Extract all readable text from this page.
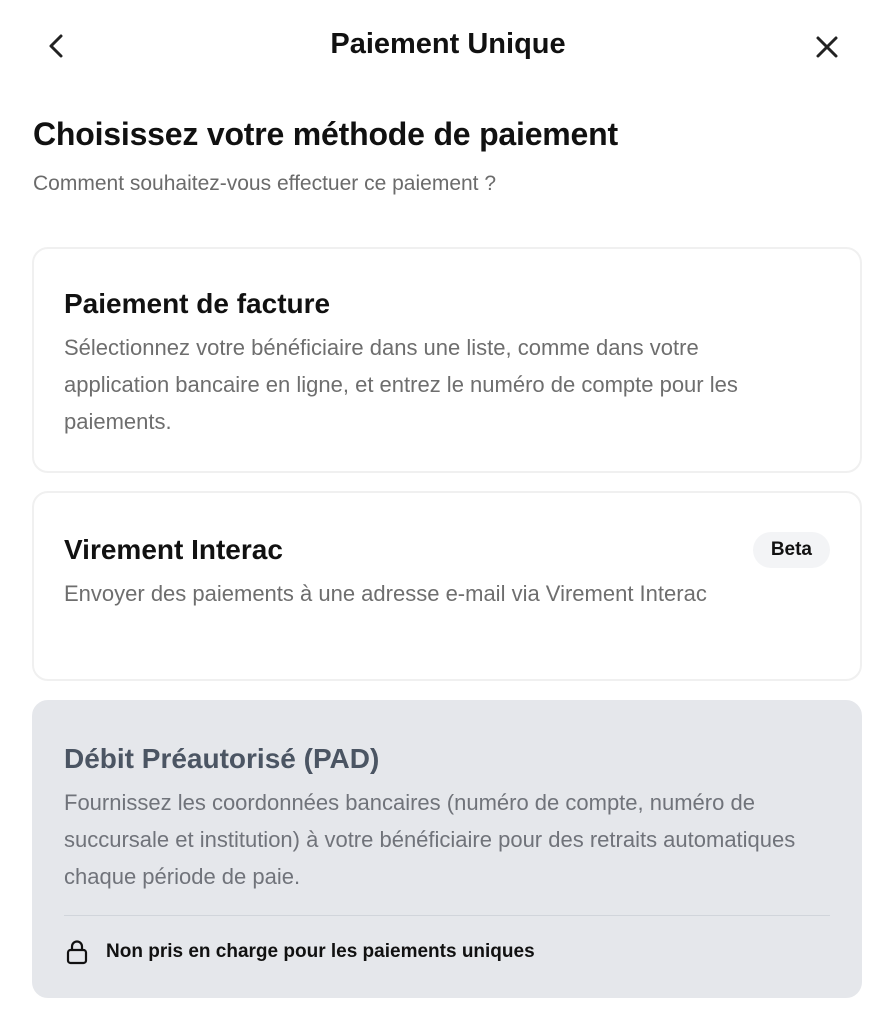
Paiement Unique
Choisissez votre méthode de paiement
Comment souhaitez-vous effectuer ce paiement ?
Paiement de facture
Sélectionnez votre bénéficiaire dans une liste, comme dans votre application bancaire en ligne, et entrez le numéro de compte pour les paiements.
Virement Interac	Beta
Envoyer des paiements à une adresse e-mail via Virement Interac
Débit Préautorisé (PAD)
Fournissez les coordonnées bancaires (numéro de compte, numéro de succursale et institution) à votre bénéficiaire pour des retraits automatiques chaque période de paie.
Non pris en charge pour les paiements uniques
